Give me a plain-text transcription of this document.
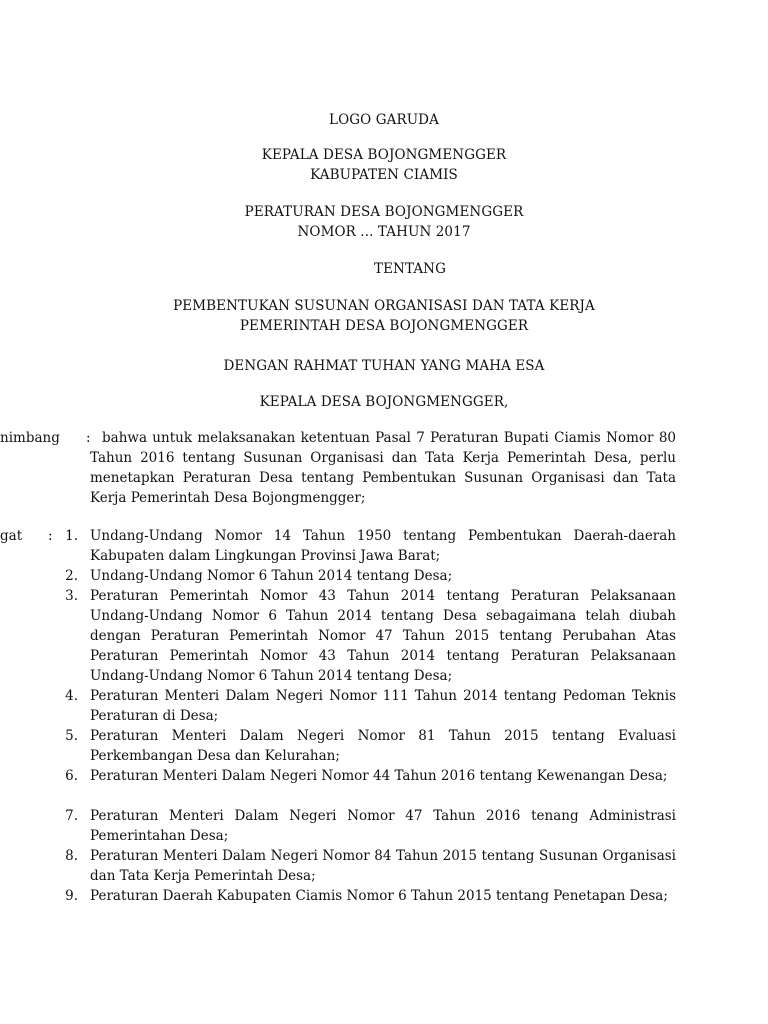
LOGO GARUDA
KEPALA DESA BOJONGMENGGER
KABUPATEN CIAMIS
PERATURAN DESA BOJONGMENGGER
NOMOR ... TAHUN 2017
TENTANG
PEMBENTUKAN SUSUNAN ORGANISASI DAN TATA KERJA
PEMERINTAH DESA BOJONGMENGGER
DENGAN RAHMAT TUHAN YANG MAHA ESA
KEPALA DESA BOJONGMENGGER,
nimbang : bahwa untuk melaksanakan ketentuan Pasal 7 Peraturan Bupati Ciamis Nomor 80 Tahun 2016 tentang Susunan Organisasi dan Tata Kerja Pemerintah Desa, perlu menetapkan Peraturan Desa tentang Pembentukan Susunan Organisasi dan Tata Kerja Pemerintah Desa Bojongmengger;
gat : 1. Undang-Undang Nomor 14 Tahun 1950 tentang Pembentukan Daerah-daerah Kabupaten dalam Lingkungan Provinsi Jawa Barat;
2. Undang-Undang Nomor 6 Tahun 2014 tentang Desa;
3. Peraturan Pemerintah Nomor 43 Tahun 2014 tentang Peraturan Pelaksanaan Undang-Undang Nomor 6 Tahun 2014 tentang Desa sebagaimana telah diubah dengan Peraturan Pemerintah Nomor 47 Tahun 2015 tentang Perubahan Atas Peraturan Pemerintah Nomor 43 Tahun 2014 tentang Peraturan Pelaksanaan Undang-Undang Nomor 6 Tahun 2014 tentang Desa;
4. Peraturan Menteri Dalam Negeri Nomor 111 Tahun 2014 tentang Pedoman Teknis Peraturan di Desa;
5. Peraturan Menteri Dalam Negeri Nomor 81 Tahun 2015 tentang Evaluasi Perkembangan Desa dan Kelurahan;
6. Peraturan Menteri Dalam Negeri Nomor 44 Tahun 2016 tentang Kewenangan Desa;
7. Peraturan Menteri Dalam Negeri Nomor 47 Tahun 2016 tenang Administrasi Pemerintahan Desa;
8. Peraturan Menteri Dalam Negeri Nomor 84 Tahun 2015 tentang Susunan Organisasi dan Tata Kerja Pemerintah Desa;
9. Peraturan Daerah Kabupaten Ciamis Nomor 6 Tahun 2015 tentang Penetapan Desa;
